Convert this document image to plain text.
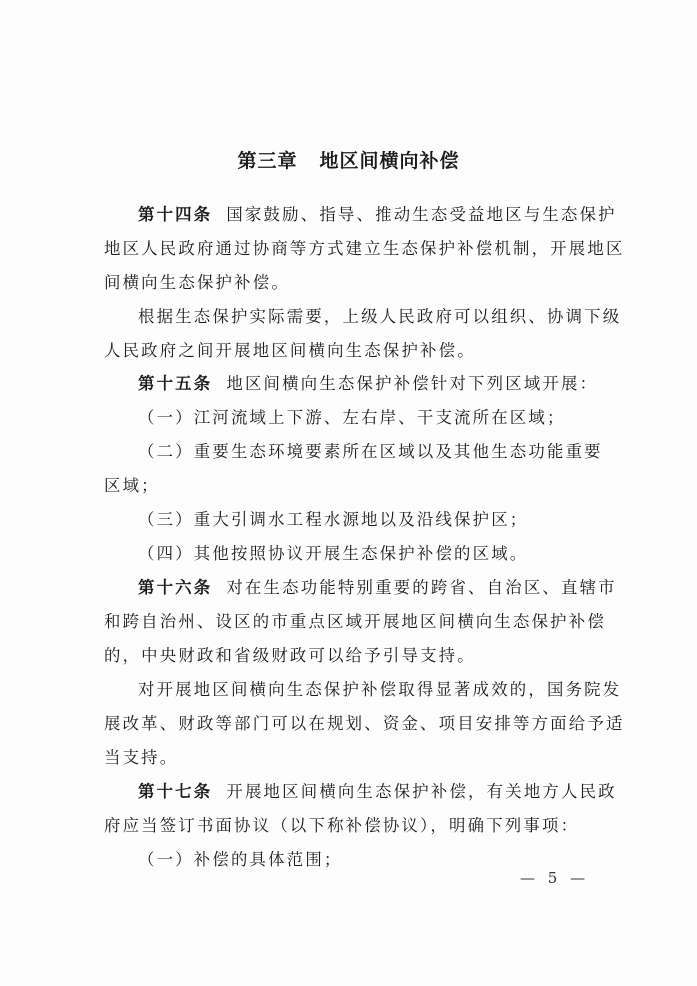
第三章 地区间横向补偿
第十四条 国家鼓励、指导、推动生态受益地区与生态保护
地区人民政府通过协商等方式建立生态保护补偿机制，开展地区
间横向生态保护补偿。
根据生态保护实际需要，上级人民政府可以组织、协调下级
人民政府之间开展地区间横向生态保护补偿。
第十五条 地区间横向生态保护补偿针对下列区域开展：
（一）江河流域上下游、左右岸、干支流所在区域；
（二）重要生态环境要素所在区域以及其他生态功能重要
区域；
（三）重大引调水工程水源地以及沿线保护区；
（四）其他按照协议开展生态保护补偿的区域。
第十六条 对在生态功能特别重要的跨省、自治区、直辖市
和跨自治州、设区的市重点区域开展地区间横向生态保护补偿
的，中央财政和省级财政可以给予引导支持。
对开展地区间横向生态保护补偿取得显著成效的，国务院发
展改革、财政等部门可以在规划、资金、项目安排等方面给予适
当支持。
第十七条 开展地区间横向生态保护补偿，有关地方人民政
府应当签订书面协议（以下称补偿协议），明确下列事项：
（一）补偿的具体范围；
— 5 —
